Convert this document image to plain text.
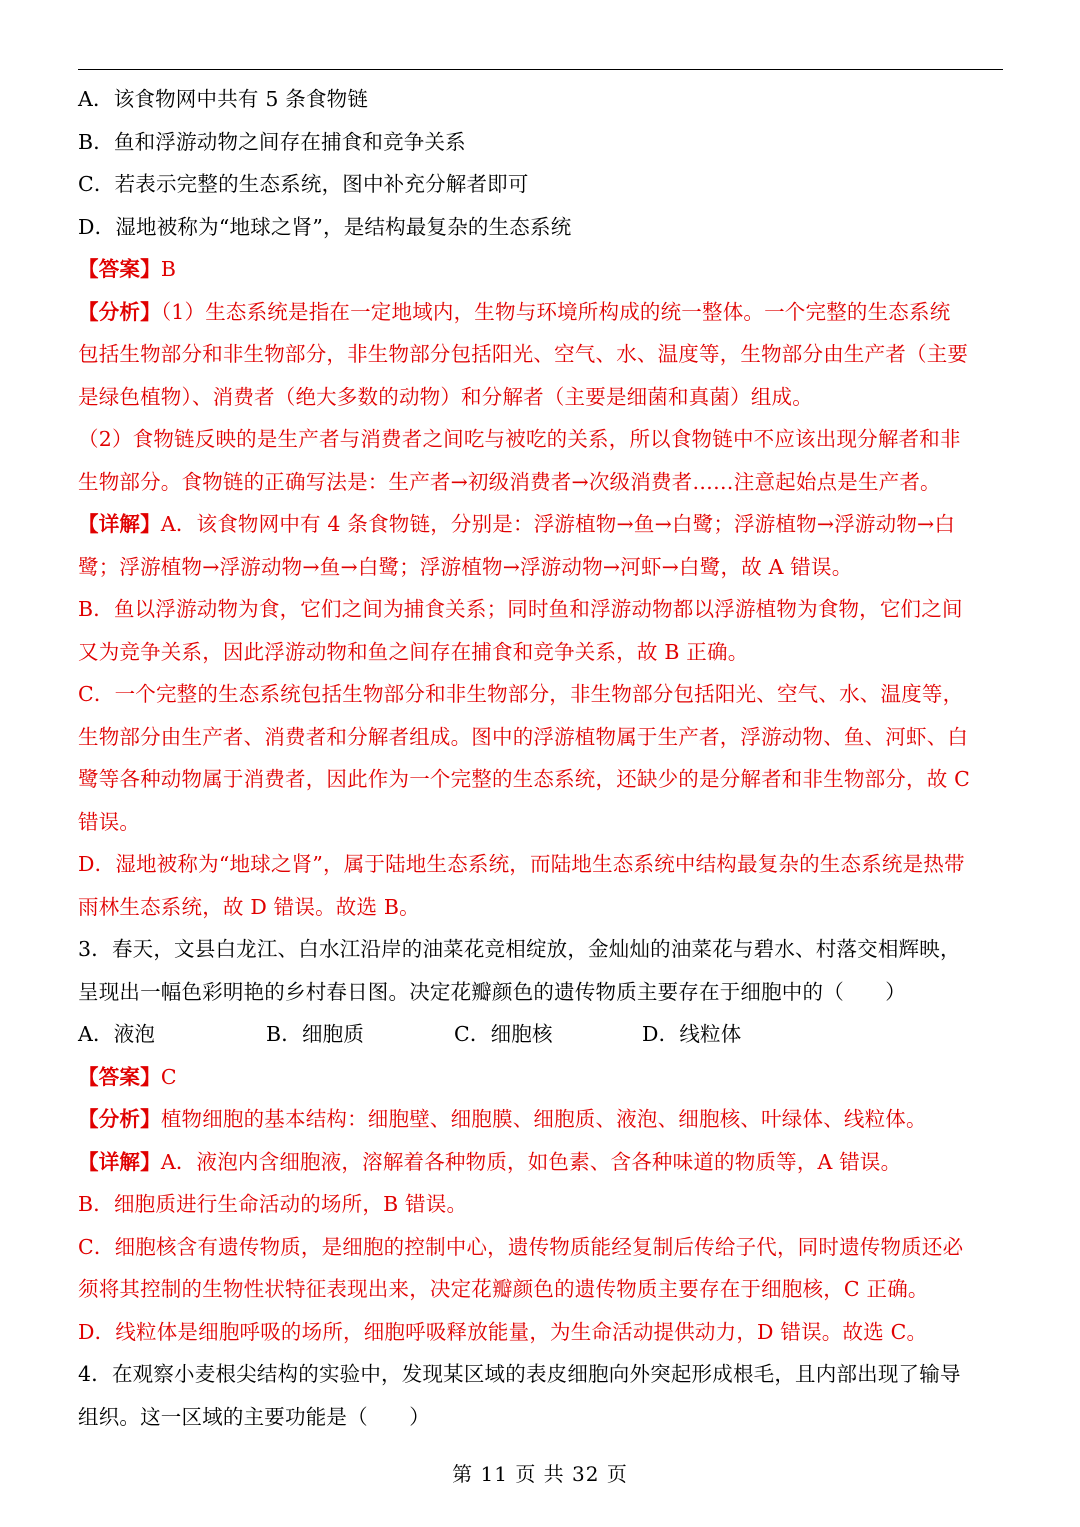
A．该食物网中共有 5 条食物链
B．鱼和浮游动物之间存在捕食和竞争关系
C．若表示完整的生态系统，图中补充分解者即可
D．湿地被称为“地球之肾”，是结构最复杂的生态系统
【答案】B
【分析】（1）生态系统是指在一定地域内，生物与环境所构成的统一整体。一个完整的生态系统
包括生物部分和非生物部分，非生物部分包括阳光、空气、水、温度等，生物部分由生产者（主要
是绿色植物）、消费者（绝大多数的动物）和分解者（主要是细菌和真菌）组成。
（2）食物链反映的是生产者与消费者之间吃与被吃的关系，所以食物链中不应该出现分解者和非
生物部分。食物链的正确写法是：生产者→初级消费者→次级消费者……注意起始点是生产者。
【详解】A．该食物网中有 4 条食物链，分别是：浮游植物→鱼→白鹭；浮游植物→浮游动物→白
鹭；浮游植物→浮游动物→鱼→白鹭；浮游植物→浮游动物→河虾→白鹭，故 A 错误。
B．鱼以浮游动物为食，它们之间为捕食关系；同时鱼和浮游动物都以浮游植物为食物，它们之间
又为竞争关系，因此浮游动物和鱼之间存在捕食和竞争关系，故 B 正确。
C．一个完整的生态系统包括生物部分和非生物部分，非生物部分包括阳光、空气、水、温度等，
生物部分由生产者、消费者和分解者组成。图中的浮游植物属于生产者，浮游动物、鱼、河虾、白
鹭等各种动物属于消费者，因此作为一个完整的生态系统，还缺少的是分解者和非生物部分，故 C
错误。
D．湿地被称为“地球之肾”，属于陆地生态系统，而陆地生态系统中结构最复杂的生态系统是热带
雨林生态系统，故 D 错误。故选 B。
3．春天，文县白龙江、白水江沿岸的油菜花竞相绽放，金灿灿的油菜花与碧水、村落交相辉映，
呈现出一幅色彩明艳的乡村春日图。决定花瓣颜色的遗传物质主要存在于细胞中的（　　）
A．液泡	B．细胞质	C．细胞核	D．线粒体
【答案】C
【分析】植物细胞的基本结构：细胞壁、细胞膜、细胞质、液泡、细胞核、叶绿体、线粒体。
【详解】A．液泡内含细胞液，溶解着各种物质，如色素、含各种味道的物质等，A 错误。
B．细胞质进行生命活动的场所，B 错误。
C．细胞核含有遗传物质，是细胞的控制中心，遗传物质能经复制后传给子代，同时遗传物质还必
须将其控制的生物性状特征表现出来，决定花瓣颜色的遗传物质主要存在于细胞核，C 正确。
D．线粒体是细胞呼吸的场所，细胞呼吸释放能量，为生命活动提供动力，D 错误。故选 C。
4．在观察小麦根尖结构的实验中，发现某区域的表皮细胞向外突起形成根毛，且内部出现了输导
组织。这一区域的主要功能是（　　）
第 11 页 共 32 页
